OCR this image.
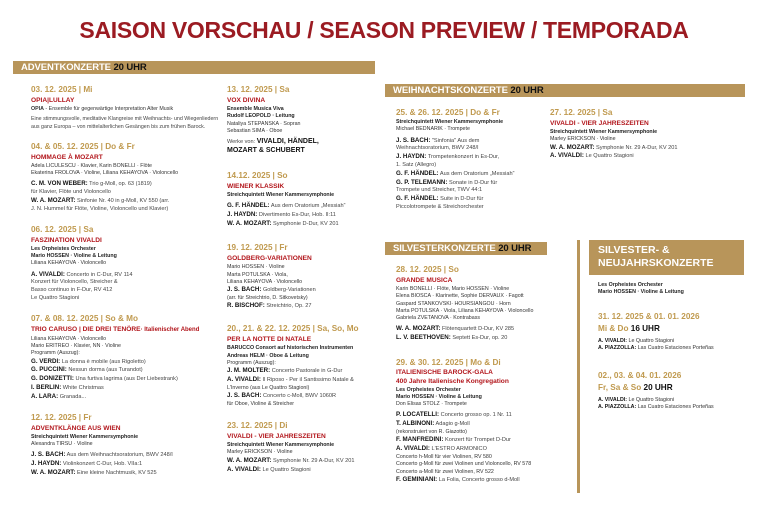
SAISON VORSCHAU / SEASON PREVIEW / TEMPORADA
ADVENTKONZERTE 20 UHR
WEIHNACHTSKONZERTE 20 UHR
SILVESTERKONZERTE 20 UHR	SILVESTER- &
NEUJAHRSKONZERTE
03. 12. 2025 | Mi
OPIA|LULLAY
OPIA - Ensemble für gegenwärtige Interpretation Alter Musik
Eine stimmungsvolle, meditative Klangreise mit Weihnachts- und Wiegenliedern aus ganz Europa – von mittelalterlichen Gesängen bis zum frühen Barock.
04. & 05. 12. 2025 | Do & Fr
HOMMAGE À MOZART
Adela LICULESCU · Klavier, Karin BONELLI · Flöte
Ekaterina FROLOVA · Violine, Liliana KEHAYOVA · Violoncello
C. M. VON WEBER: Trio g-Moll, op. 63 (1819)
für Klavier, Flöte und Violoncello
W. A. MOZART: Sinfonie Nr. 40 in g-Moll, KV 550 (arr.
J. N. Hummel für Flöte, Violine, Violoncello und Klavier)
06. 12. 2025 | Sa
FASZINATION VIVALDI
Les Orpheistes Orchester
Mario HOSSEN · Violine & Leitung
Liliana KEHAYOVA · Violoncello
A. VIVALDI: Concerto in C-Dur, RV 114
Konzert für Violoncello, Streicher &
Basso continuo in F-Dur, RV 412
Le Quattro Stagioni
07. & 08. 12. 2025 | So & Mo
TRIO CARUSO | DIE DREI TENÖRE· Italienischer Abend
Liliana KEHAYOVA · Violoncello
Mario ERITREO · Klavier, NN · Violine
Programm (Auszug):
G. VERDI: La donna è mobile (aus Rigoletto)
G. PUCCINI: Nessun dorma (aus Turandot)
G. DONIZETTI: Una furtiva lagrima (aus Der Liebestrank)
I. BERLIN: White Christmas
A. LARA: Granada...
12. 12. 2025 | Fr
ADVENTKLÄNGE AUS WIEN
Streichquintett Wiener Kammersymphonie
Alexandra TIRSU · Violine
J. S. BACH: Aus dem Weihnachtsoratorium, BWV 248/I
J. HAYDN: Violinkonzert C-Dur, Hob. VIIa:1
W. A. MOZART: Eine kleine Nachtmusik, KV 525
13. 12. 2025 | Sa
VOX DIVINA
Ensemble Musica Viva
Rudolf LEOPOLD · Leitung
Nataliya STEPANSKA · Sopran
Sebastian SIMA · Oboe
Werke von: VIVALDI, HÄNDEL,
MOZART & SCHUBERT
14.12. 2025 | So
WIENER KLASSIK
Streichquintett Wiener Kammersymphonie
G. F. HÄNDEL: Aus dem Oratorium „Messiah“
J. HAYDN: Divertimento Es-Dur, Hob. II:11
W. A. MOZART: Symphonie D-Dur, KV 201
19. 12. 2025 | Fr
GOLDBERG-VARIATIONEN
Mario HOSSEN · Violine
Marta POTULSKA · Viola,
Liliana KEHAYOVA · Violoncello
J. S. BACH: Goldberg-Variationen
(arr. für Streichtrio, D. Sitkovetsky)
R. BISCHOF: Streichtrio, Op. 27
20., 21. & 22. 12. 2025 | Sa, So, Mo
PER LA NOTTE DI NATALE
BARUCCO Consort auf historischen Instrumenten
Andreas HELM · Oboe & Leitung
Programm (Auszug):
J. M. MOLTER: Concerto Pastorale in G-Dur
A. VIVALDI: Il Riposo - Per il Santissimo Natale &
L'Inverno (aus Le Quattro Stagioni)
J. S. BACH: Concerto c-Moll, BWV 1060R
für Oboe, Violine & Streicher
23. 12. 2025 | Di
VIVALDI - VIER JAHRESZEITEN
Streichquintett Wiener Kammersymphonie
Marley ERICKSON · Violine
W. A. MOZART: Symphonie Nr. 29 A-Dur, KV 201
A. VIVALDI: Le Quattro Stagioni
25. & 26. 12. 2025 | Do & Fr
Streichquintett Wiener Kammersymphonie
Michael BEDNARIK · Trompete
J. S. BACH: "Sinfonia" Aus dem
Weihnachtsoratorium, BWV 248/I
J. HAYDN: Trompetenkonzert in Es-Dur,
1. Satz (Allegro)
G. F. HÄNDEL: Aus dem Oratorium „Messiah“
G. P. TELEMANN: Sonate in D-Dur für
Trompete und Streicher, TWV 44:1
G. F. HÄNDEL: Suite in D-Dur für
Piccolotrompete & Streichorchester
27. 12. 2025 | Sa
VIVALDI - VIER JAHRESZEITEN
Streichquintett Wiener Kammersymphonie
Marley ERICKSON · Violine
W. A. MOZART: Symphonie Nr. 29 A-Dur, KV 201
A. VIVALDI: Le Quattro Stagioni
28. 12. 2025 | So
GRANDE MUSICA
Karin BONELLI · Flöte, Mario HOSSEN · Violine
Elena BIOSCA · Klarinette, Sophie DERVAUX · Fagott
Gaspard STANKOVSKI· HOURSIANGOU · Horn
Marta POTULSKA · Viola, Liliana KEHAYOVA · Violoncello
Gabriela ZVETANOVA · Kontrabass
W. A. MOZART: Flötenquartett D-Dur, KV 285
L. V. BEETHOVEN: Septett Es-Dur, op. 20
29. & 30. 12. 2025 | Mo & Di
ITALIENISCHE BAROCK-GALA
400 Jahre Italienische Kongregation
Les Orpheistes Orchester
Mario HOSSEN · Violine & Leitung
Don Elisas STOLZ · Trompete
P. LOCATELLI: Concerto grosso op. 1 Nr. 11
T. ALBINONI: Adagio g-Moll
(rekonstruiert von R. Giazotto)
F. MANFREDINI: Konzert für Trompet D-Dur
A. VIVALDI: L'ESTRO ARMONICO
Concerto h-Moll für vier Violinen, RV 580
Concerto g-Moll für zwei Violinen und Violoncello, RV 578
Concerto a-Moll für zwei Violinen, RV 522
F. GEMINIANI: La Folia, Concerto grosso d-Moll
Les Orpheistes Orchester
Mario HOSSEN · Violine & Leitung
31. 12. 2025 & 01. 01. 2026
Mi & Do 16 UHR
A. VIVALDI: Le Quattro Stagioni
A. PIAZZOLLA: Las Cuatro Estaciones Porteñas
02., 03. & 04. 01. 2026
Fr, Sa & So 20 UHR
A. VIVALDI: Le Quattro Stagioni
A. PIAZZOLLA: Las Cuatro Estaciones Porteñas
